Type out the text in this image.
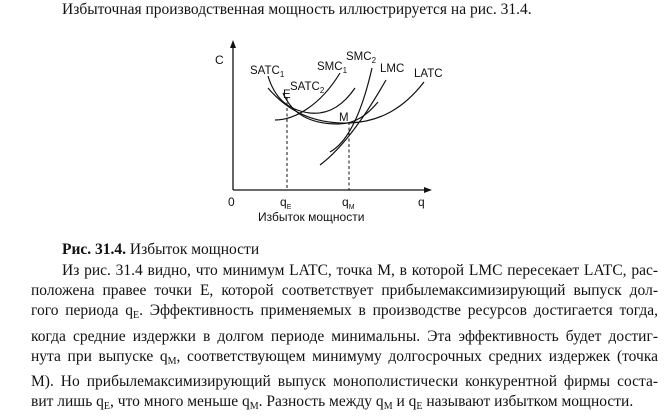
Избыточная производственная мощность иллюстрируется на рис. 31.4.
C
0	q
$q_E$	$q_M$
Избыток мощности
$SATC_1$
$SATC_2$
$SMC_1$
$SMC_2$
LMC LATC
E
M
Рис. 31.4. Избыток мощности
Из рис. 31.4 видно, что минимум LATC, точка М, в которой LMC пересекает LATC, рас-
положена правее точки Е, которой соответствует прибылемаксимизирующий выпуск дол-
гого периода $q_E$. Эффективность применяемых в производстве ресурсов достигается тогда,
когда средние издержки в долгом периоде минимальны. Эта эффективность будет достиг-
нута при выпуске $q_M$, соответствующем минимуму долгосрочных средних издержек (точка
М). Но прибылемаксимизирующий выпуск монополистически конкурентной фирмы соста-
вит лишь $q_E$, что много меньше $q_M$. Разность между $q_M$ и $q_E$ называют избытком мощности.
